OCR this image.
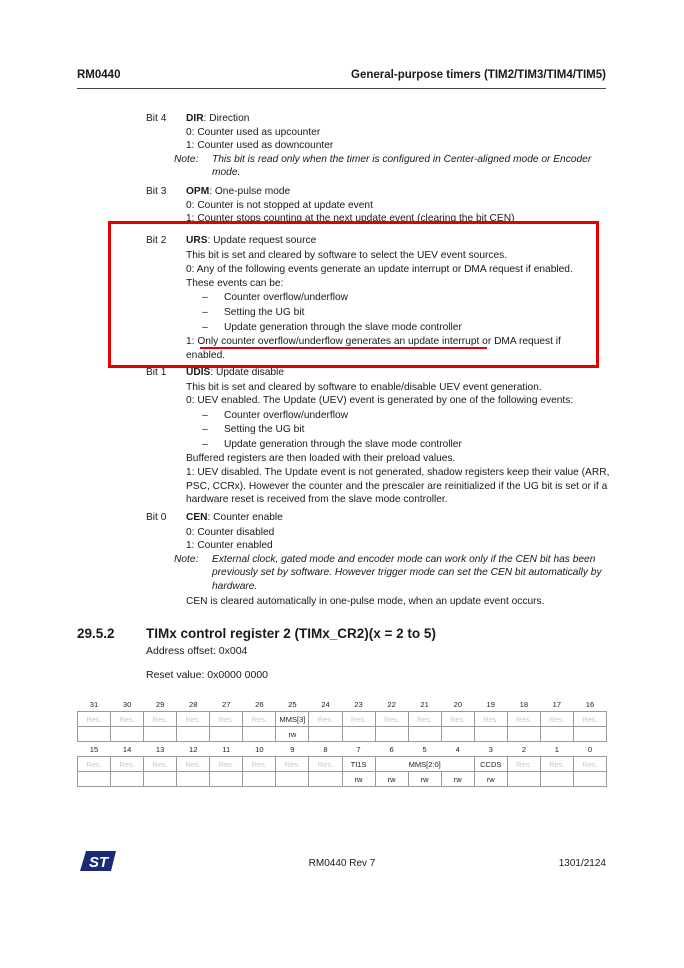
RM0440	General-purpose timers (TIM2/TIM3/TIM4/TIM5)
Bit 4 DIR: Direction
0: Counter used as upcounter
1: Counter used as downcounter
Note:	This bit is read only when the timer is configured in Center-aligned mode or Encoder mode.
Bit 3 OPM: One-pulse mode
0: Counter is not stopped at update event
1: Counter stops counting at the next update event (clearing the bit CEN)
Bit 2 URS: Update request source
This bit is set and cleared by software to select the UEV event sources.
0: Any of the following events generate an update interrupt or DMA request if enabled.
These events can be:
–	Counter overflow/underflow
–	Setting the UG bit
–	Update generation through the slave mode controller
1: Only counter overflow/underflow generates an update interrupt or DMA request if
enabled.
Bit 1 UDIS: Update disable
This bit is set and cleared by software to enable/disable UEV event generation.
0: UEV enabled. The Update (UEV) event is generated by one of the following events:
–	Counter overflow/underflow
–	Setting the UG bit
–	Update generation through the slave mode controller
Buffered registers are then loaded with their preload values.
1: UEV disabled. The Update event is not generated, shadow registers keep their value (ARR, PSC, CCRx). However the counter and the prescaler are reinitialized if the UG bit is set or if a hardware reset is received from the slave mode controller.
Bit 0 CEN: Counter enable
0: Counter disabled
1: Counter enabled
Note:	External clock, gated mode and encoder mode can work only if the CEN bit has been previously set by software. However trigger mode can set the CEN bit automatically by hardware.
CEN is cleared automatically in one-pulse mode, when an update event occurs.
29.5.2 TIMx control register 2 (TIMx_CR2)(x = 2 to 5)
Address offset: 0x004
Reset value: 0x0000 0000
31	30	29	28	27	26	25	24	23	22	21	20	19	18	17	16
Res.	Res.	Res.	Res.	Res.	Res.	MMS[3]	Res.	Res.	Res.	Res.	Res.	Res.	Res.	Res.	Res.
						rw									
15	14	13	12	11	10	9	8	7	6	5	4	3	2	1	0
Res.	Res.	Res.	Res.	Res.	Res.	Res.	Res.	TI1S	MMS[2:0]			CCDS	Res.	Res.	Res.
								rw	rw	rw	rw	rw			
ST	RM0440 Rev 7	1301/2124
